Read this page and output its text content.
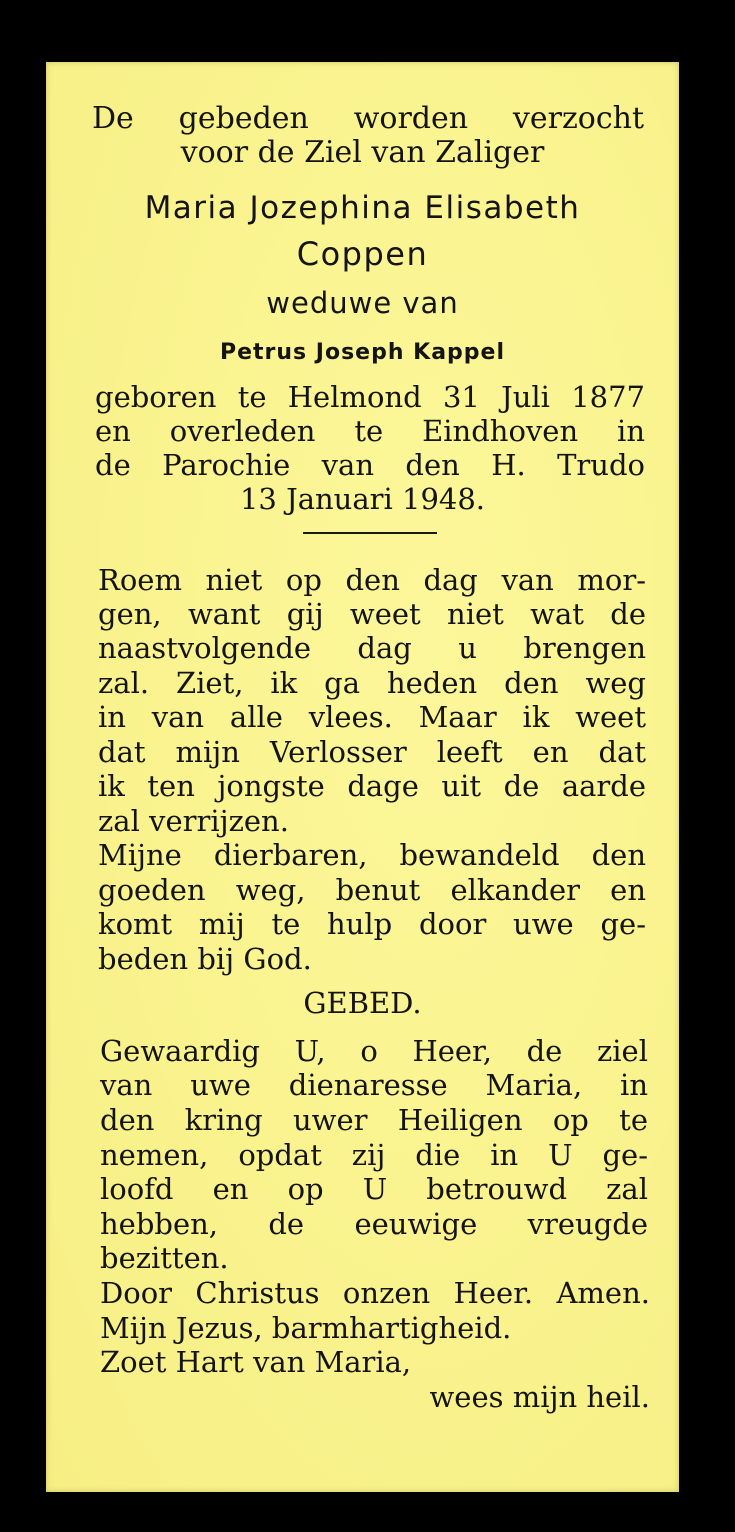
De gebeden worden verzocht
voor de Ziel van Zaliger
Maria Jozephina Elisabeth
Coppen
weduwe van
Petrus Joseph Kappel
geboren te Helmond 31 Juli 1877
en overleden te Eindhoven in
de Parochie van den H. Trudo
13 Januari 1948.
Roem niet op den dag van mor-
gen, want gij weet niet wat de
naastvolgende dag u brengen
zal. Ziet, ik ga heden den weg
in van alle vlees. Maar ik weet
dat mijn Verlosser leeft en dat
ik ten jongste dage uit de aarde
zal verrijzen.
Mijne dierbaren, bewandeld den
goeden weg, benut elkander en
komt mij te hulp door uwe ge-
beden bij God.
GEBED.
Gewaardig U, o Heer, de ziel
van uwe dienaresse Maria, in
den kring uwer Heiligen op te
nemen, opdat zij die in U ge-
loofd en op U betrouwd zal
hebben, de eeuwige vreugde
bezitten.
Door Christus onzen Heer. Amen.
Mijn Jezus, barmhartigheid.
Zoet Hart van Maria,
wees mijn heil.
